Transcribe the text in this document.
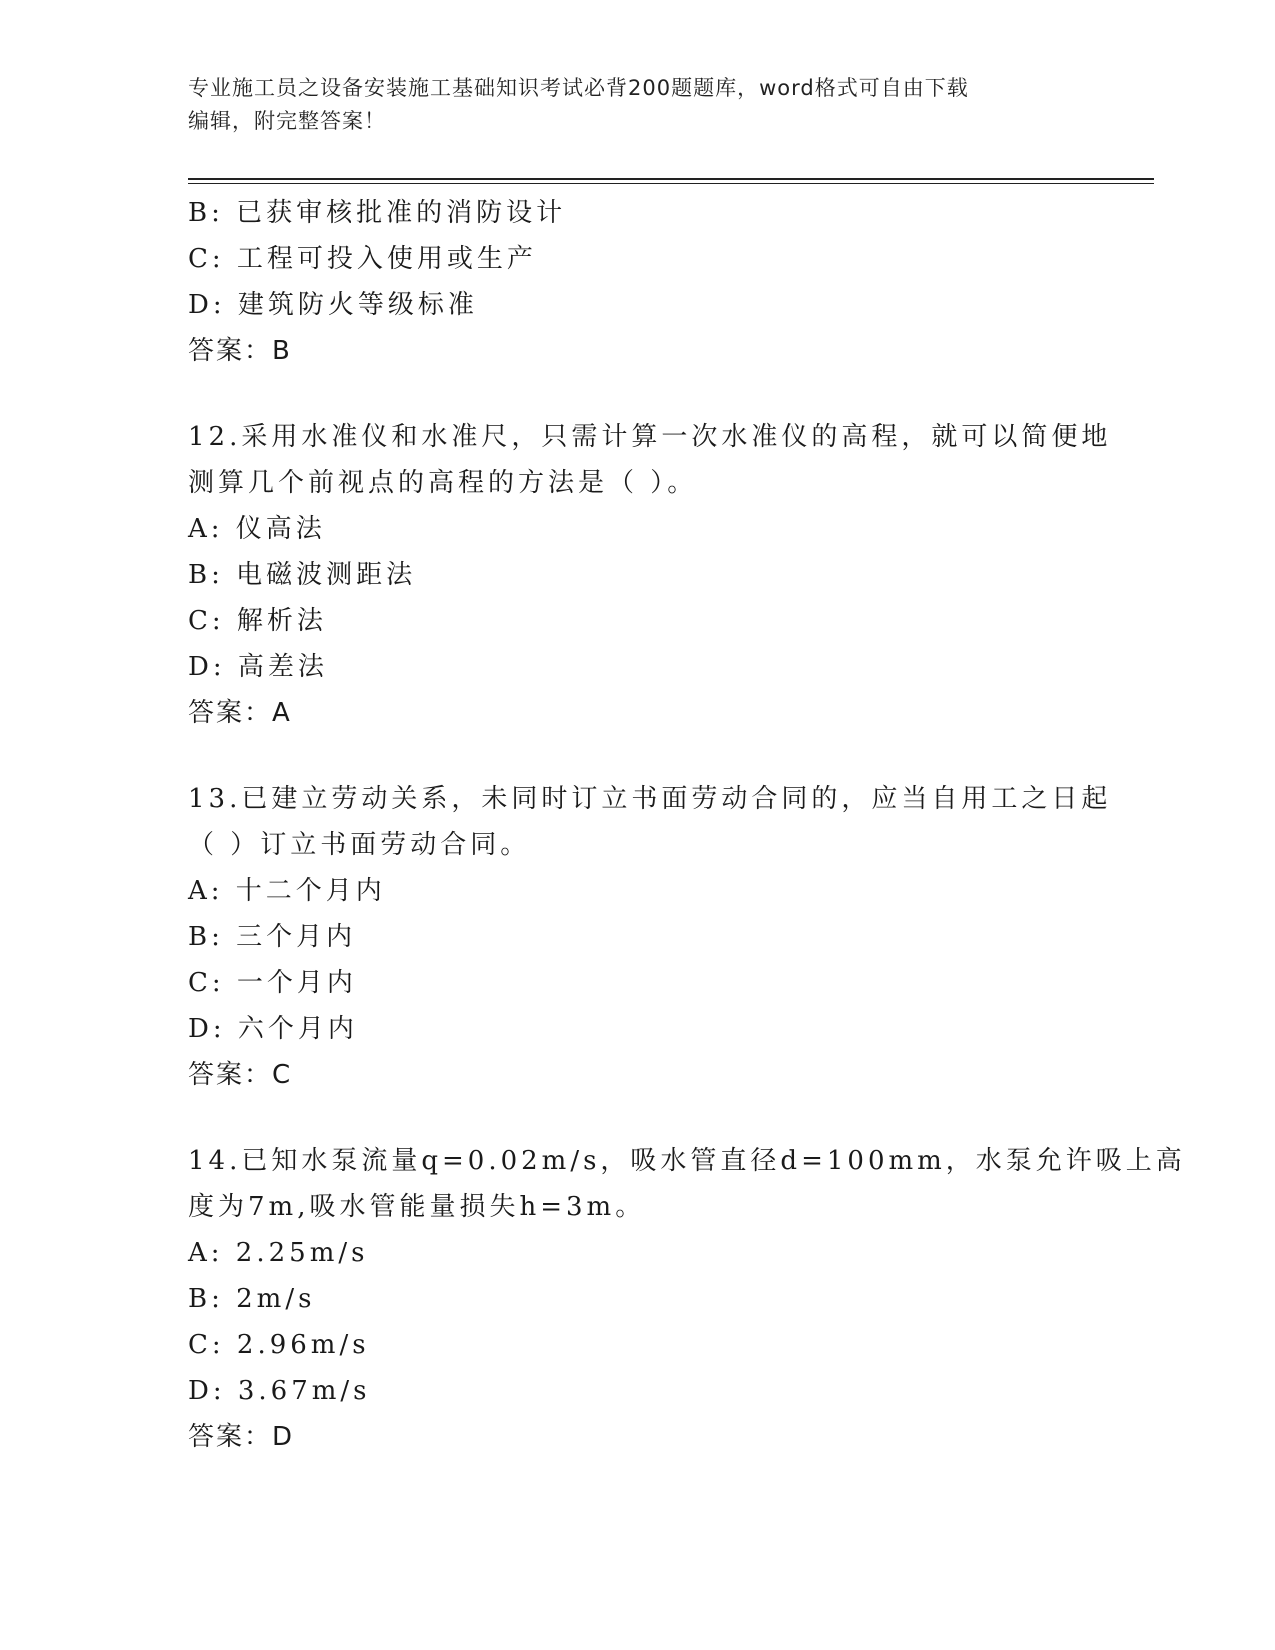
专业施工员之设备安装施工基础知识考试必背200题题库，word格式可自由下载
编辑，附完整答案！
B: 已获审核批准的消防设计
C: 工程可投入使用或生产
D: 建筑防火等级标准
答案：B
12.采用水准仪和水准尺，只需计算一次水准仪的高程，就可以简便地
测算几个前视点的高程的方法是（ ）。
A: 仪高法
B: 电磁波测距法
C: 解析法
D: 高差法
答案：A
13.已建立劳动关系，未同时订立书面劳动合同的，应当自用工之日起
（ ）订立书面劳动合同。
A: 十二个月内
B: 三个月内
C: 一个月内
D: 六个月内
答案：C
14.已知水泵流量q=0.02m/s，吸水管直径d=100mm，水泵允许吸上高
度为7m,吸水管能量损失h=3m。
A: 2.25m/s
B: 2m/s
C: 2.96m/s
D: 3.67m/s
答案：D
